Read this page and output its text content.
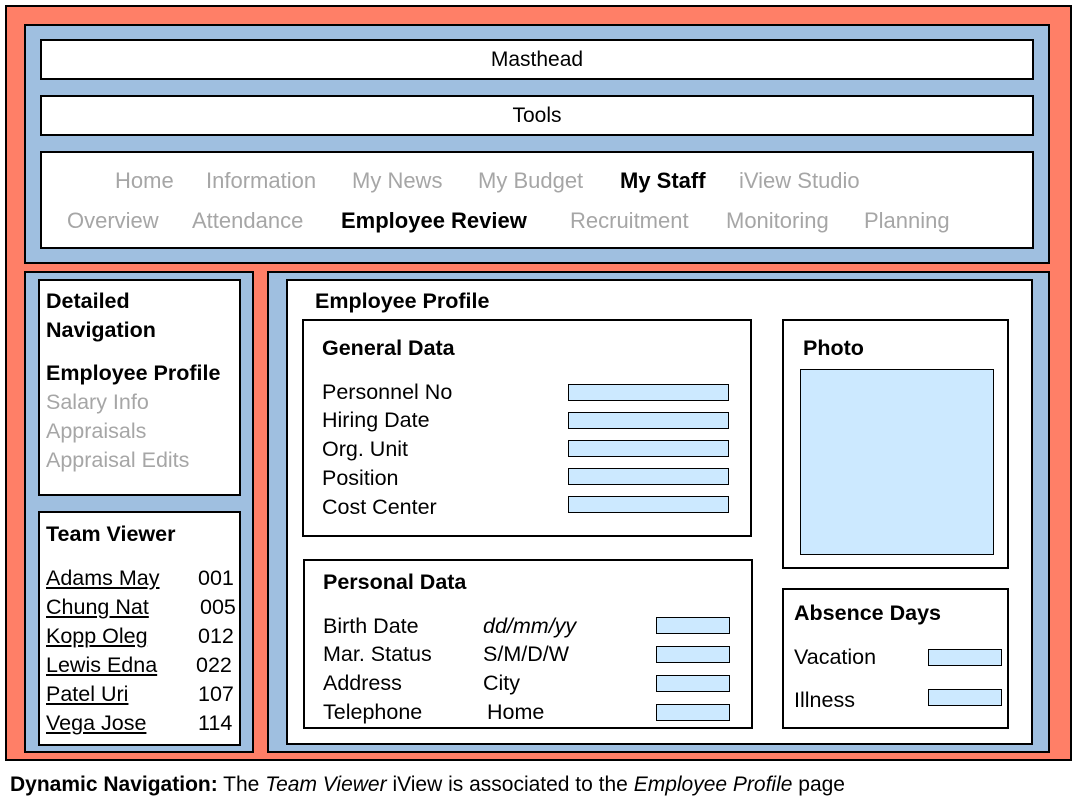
Masthead
Tools
Home Information My News My Budget My Staff iView Studio
Overview Attendance Employee Review Recruitment Monitoring Planning
Detailed
Navigation
Employee Profile
Salary Info
Appraisals
Appraisal Edits
Team Viewer
Adams May 001
Chung Nat 005
Kopp Oleg 012
Lewis Edna 022
Patel Uri	107
Vega Jose 114
Employee Profile
General Data
Personnel No
Hiring Date
Org. Unit
Position
Cost Center
Photo
Personal Data
Birth Date	dd/mm/yy
Mar. Status S/M/D/W
Address	City
Telephone	Home
Absence Days
Vacation
Illness
Dynamic Navigation: The Team Viewer iView is associated to the Employee Profile page
